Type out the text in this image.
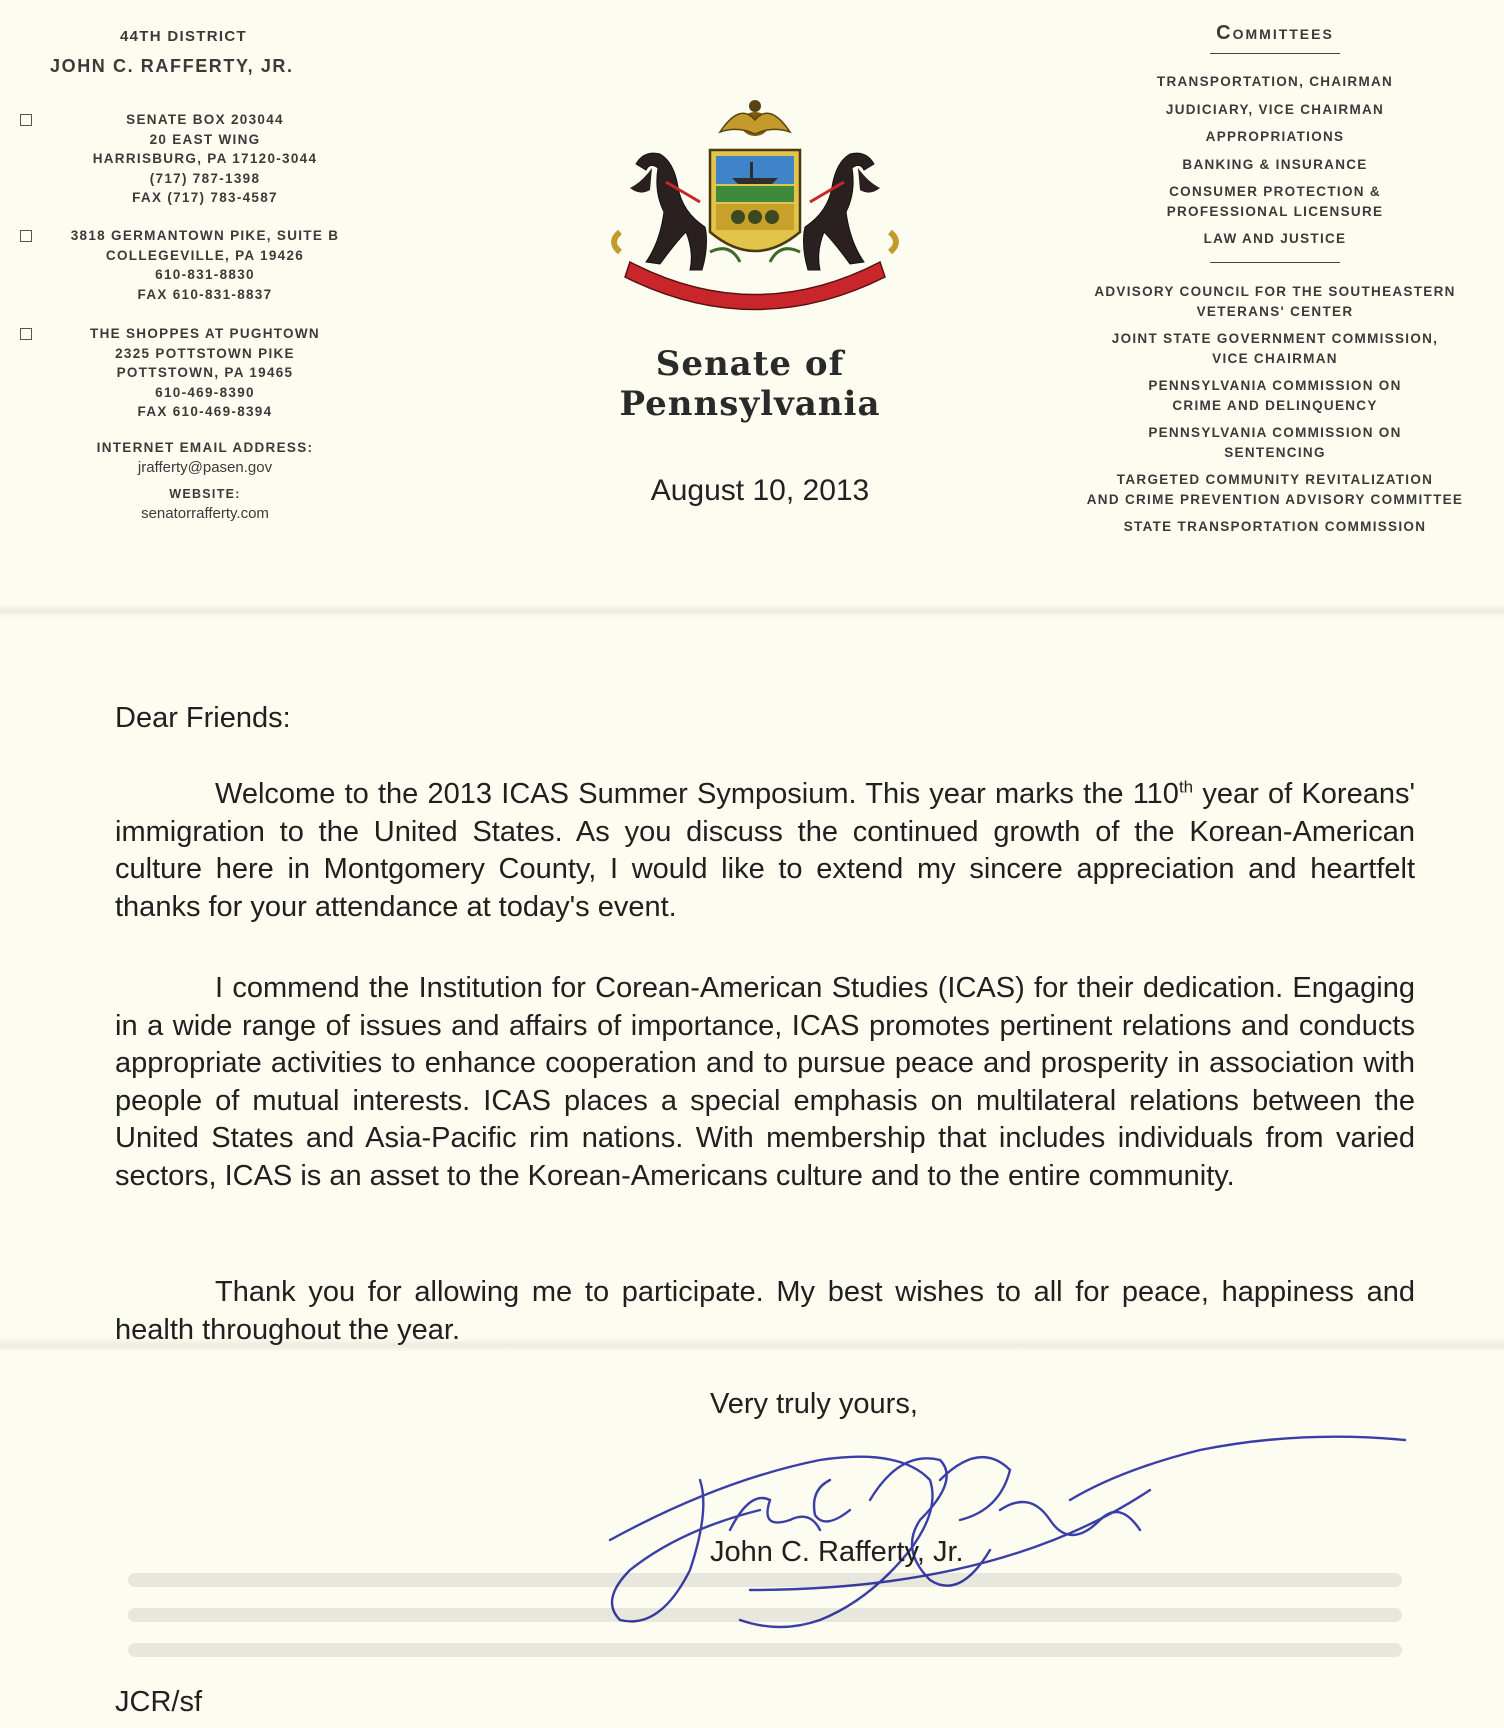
44TH DISTRICT
JOHN C. RAFFERTY, JR.
SENATE BOX 203044
20 EAST WING
HARRISBURG, PA 17120-3044
(717) 787-1398
FAX (717) 783-4587
3818 GERMANTOWN PIKE, SUITE B
COLLEGEVILLE, PA 19426
610-831-8830
FAX 610-831-8837
THE SHOPPES AT PUGHTOWN
2325 POTTSTOWN PIKE
POTTSTOWN, PA 19465
610-469-8390
FAX 610-469-8394
INTERNET EMAIL ADDRESS:
jrafferty@pasen.gov
WEBSITE:
senatorrafferty.com
Senate of Pennsylvania
August 10, 2013
Committees
TRANSPORTATION, CHAIRMAN
JUDICIARY, VICE CHAIRMAN
APPROPRIATIONS
BANKING & INSURANCE
CONSUMER PROTECTION &
PROFESSIONAL LICENSURE
LAW AND JUSTICE
ADVISORY COUNCIL FOR THE SOUTHEASTERN
VETERANS' CENTER
JOINT STATE GOVERNMENT COMMISSION,
VICE CHAIRMAN
PENNSYLVANIA COMMISSION ON
CRIME AND DELINQUENCY
PENNSYLVANIA COMMISSION ON
SENTENCING
TARGETED COMMUNITY REVITALIZATION
AND CRIME PREVENTION ADVISORY COMMITTEE
STATE TRANSPORTATION COMMISSION
Dear Friends:

Welcome to the 2013 ICAS Summer Symposium. This year marks the 110th year of Koreans' immigration to the United States. As you discuss the continued growth of the Korean-American culture here in Montgomery County, I would like to extend my sincere appreciation and heartfelt thanks for your attendance at today's event.

I commend the Institution for Corean-American Studies (ICAS) for their dedication. Engaging in a wide range of issues and affairs of importance, ICAS promotes pertinent relations and conducts appropriate activities to enhance cooperation and to pursue peace and prosperity in association with people of mutual interests. ICAS places a special emphasis on multilateral relations between the United States and Asia-Pacific rim nations. With membership that includes individuals from varied sectors, ICAS is an asset to the Korean-Americans culture and to the entire community.

Thank you for allowing me to participate. My best wishes to all for peace, happiness and health throughout the year.

Very truly yours,
John C. Rafferty, Jr.
JCR/sf
